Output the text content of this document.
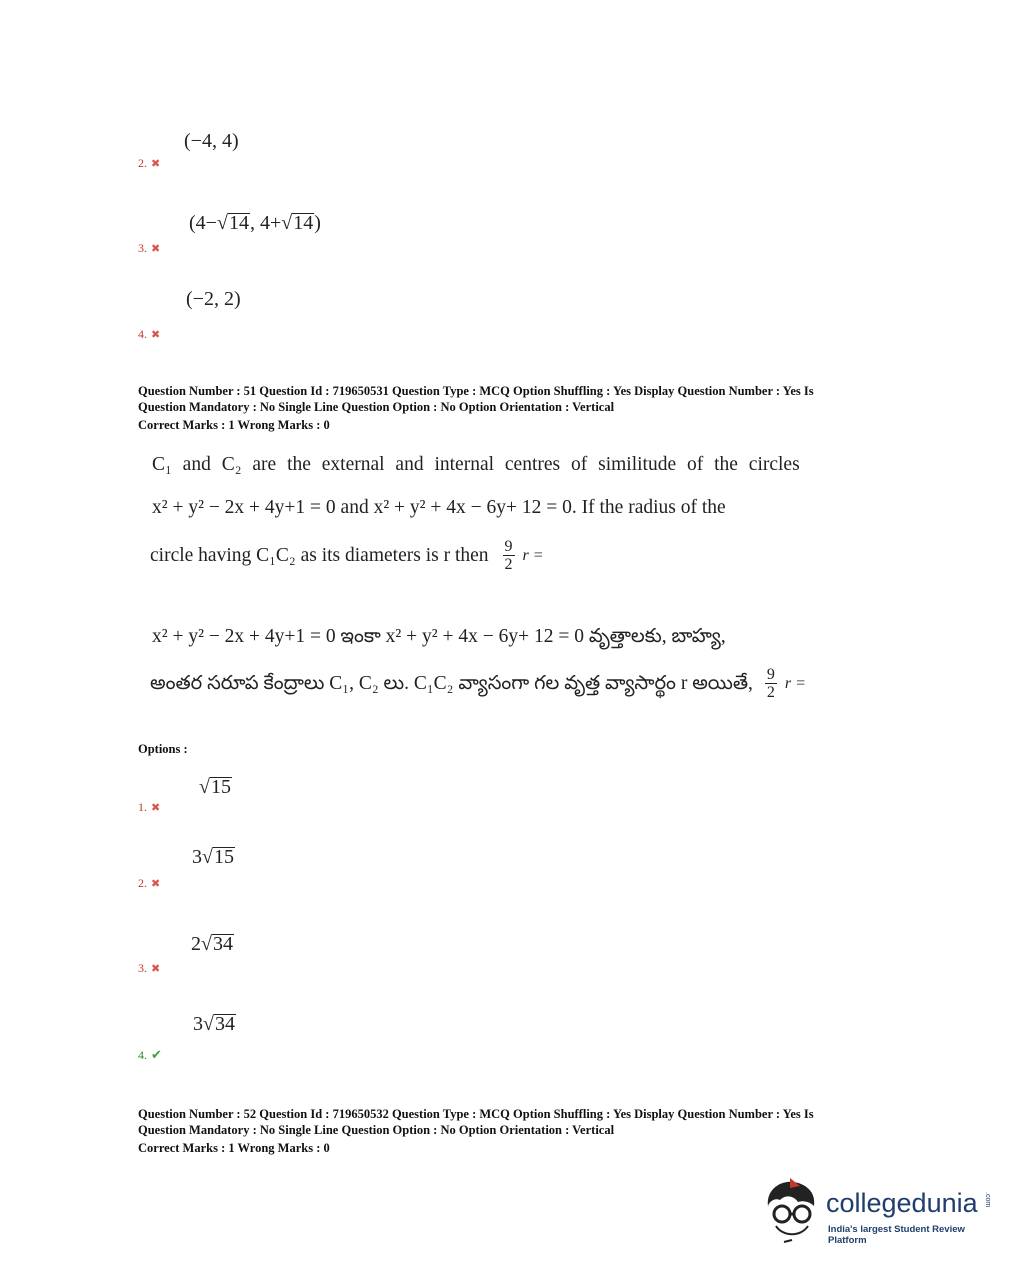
(−4, 4)
2. ✖
(4−√14, 4+√14)
3. ✖
(−2, 2)
4. ✖
Question Number : 51 Question Id : 719650531 Question Type : MCQ Option Shuffling : Yes Display Question Number : Yes Is
Question Mandatory : No Single Line Question Option : No Option Orientation : Vertical
Correct Marks : 1 Wrong Marks : 0
C₁ and C₂ are the external and internal centres of similitude of the circles
x² + y² − 2x + 4y+1 = 0 and x² + y² + 4x − 6y+ 12 = 0. If the radius of the
circle having C₁C₂ as its diameters is r then $\frac{9}{2}$ r =
x² + y² − 2x + 4y+1 = 0 ఇంకా x² + y² + 4x − 6y+ 12 = 0 వృత్తాలకు, బాహ్య,
అంతర సరూప కేంద్రాలు C₁, C₂ లు. C₁C₂ వ్యాసంగా గల వృత్త వ్యాసార్థం r అయితే, $\frac{9}{2}$ r =
Options :
√15
1. ✖
3√15
2. ✖
2√34
3. ✖
3√34
4. ✔
Question Number : 52 Question Id : 719650532 Question Type : MCQ Option Shuffling : Yes Display Question Number : Yes Is
Question Mandatory : No Single Line Question Option : No Option Orientation : Vertical
Correct Marks : 1 Wrong Marks : 0
collegedunia .com
India's largest Student Review Platform
